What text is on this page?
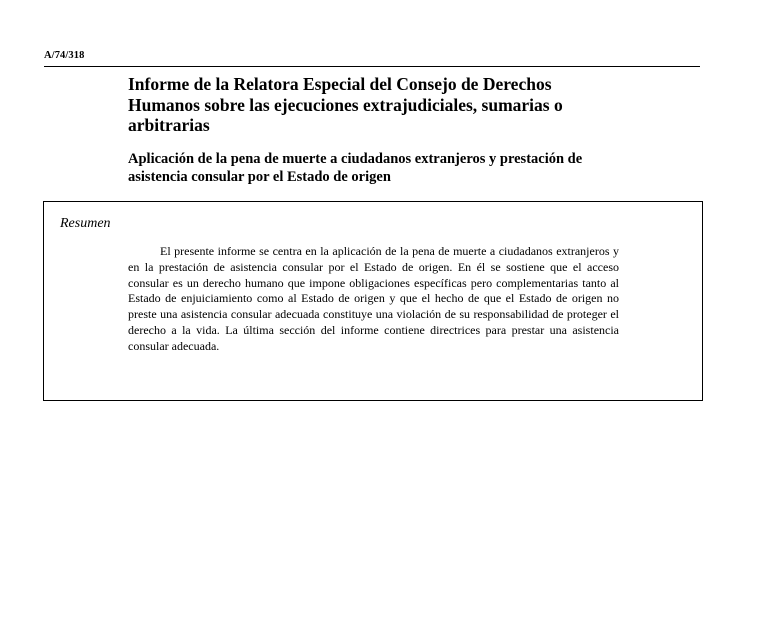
A/74/318
Informe de la Relatora Especial del Consejo de Derechos Humanos sobre las ejecuciones extrajudiciales, sumarias o arbitrarias
Aplicación de la pena de muerte a ciudadanos extranjeros y prestación de asistencia consular por el Estado de origen
Resumen

El presente informe se centra en la aplicación de la pena de muerte a ciudadanos extranjeros y en la prestación de asistencia consular por el Estado de origen. En él se sostiene que el acceso consular es un derecho humano que impone obligaciones específicas pero complementarias tanto al Estado de enjuiciamiento como al Estado de origen y que el hecho de que el Estado de origen no preste una asistencia consular adecuada constituye una violación de su responsabilidad de proteger el derecho a la vida. La última sección del informe contiene directrices para prestar una asistencia consular adecuada.
